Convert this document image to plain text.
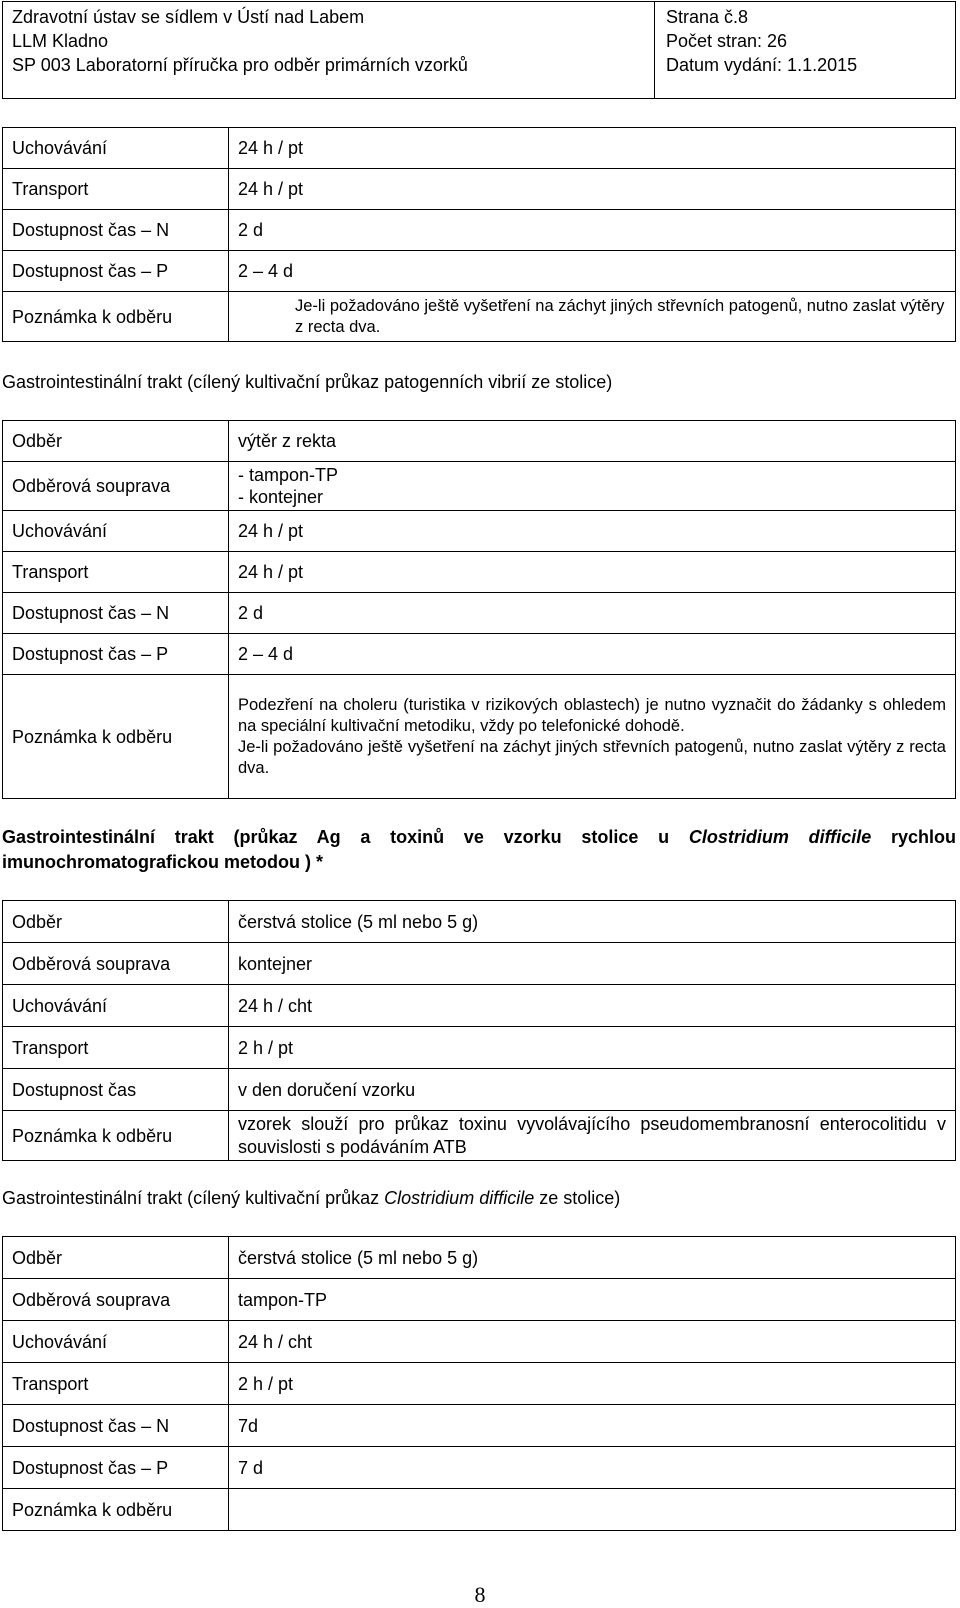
Zdravotní ústav se sídlem v Ústí nad Labem
LLM Kladno
SP 003 Laboratorní příručka pro odběr primárních vzorků
Strana č.8
Počet stran: 26
Datum vydání: 1.1.2015
Uchovávání	24 h / pt
Transport	24 h / pt
Dostupnost čas – N	2 d
Dostupnost čas – P	2 – 4 d
Poznámka k odběru	Je-li požadováno ještě vyšetření na záchyt jiných střevních patogenů, nutno zaslat výtěry z recta dva.
Gastrointestinální trakt (cílený kultivační průkaz patogenních vibrií ze stolice)
Odběr	výtěr z rekta
Odběrová souprava	- tampon-TP
- kontejner

Uchovávání	24 h / pt
Transport	24 h / pt
Dostupnost čas – N	2 d
Dostupnost čas – P	2 – 4 d
Poznámka k odběru	Podezření na choleru (turistika v rizikových oblastech) je nutno vyznačit do žádanky s ohledem na speciální kultivační metodiku, vždy po telefonické dohodě.
Je-li požadováno ještě vyšetření na záchyt jiných střevních patogenů, nutno zaslat výtěry z recta dva.
Gastrointestinální trakt (průkaz Ag a toxinů ve vzorku stolice u Clostridium difficile rychlou imunochromatografickou metodou ) *
Odběr	čerstvá stolice (5 ml nebo 5 g)
Odběrová souprava	kontejner
Uchovávání	24 h / cht
Transport	2 h / pt
Dostupnost čas	v den doručení vzorku
Poznámka k odběru	vzorek slouží pro průkaz toxinu vyvolávajícího pseudomembranosní enterocolitidu v souvislosti s podáváním ATB
Gastrointestinální trakt (cílený kultivační průkaz Clostridium difficile ze stolice)
Odběr	čerstvá stolice (5 ml nebo 5 g)
Odběrová souprava	tampon-TP
Uchovávání	24 h / cht
Transport	2 h / pt
Dostupnost čas – N	7d
Dostupnost čas – P	7 d
Poznámka k odběru	
8
